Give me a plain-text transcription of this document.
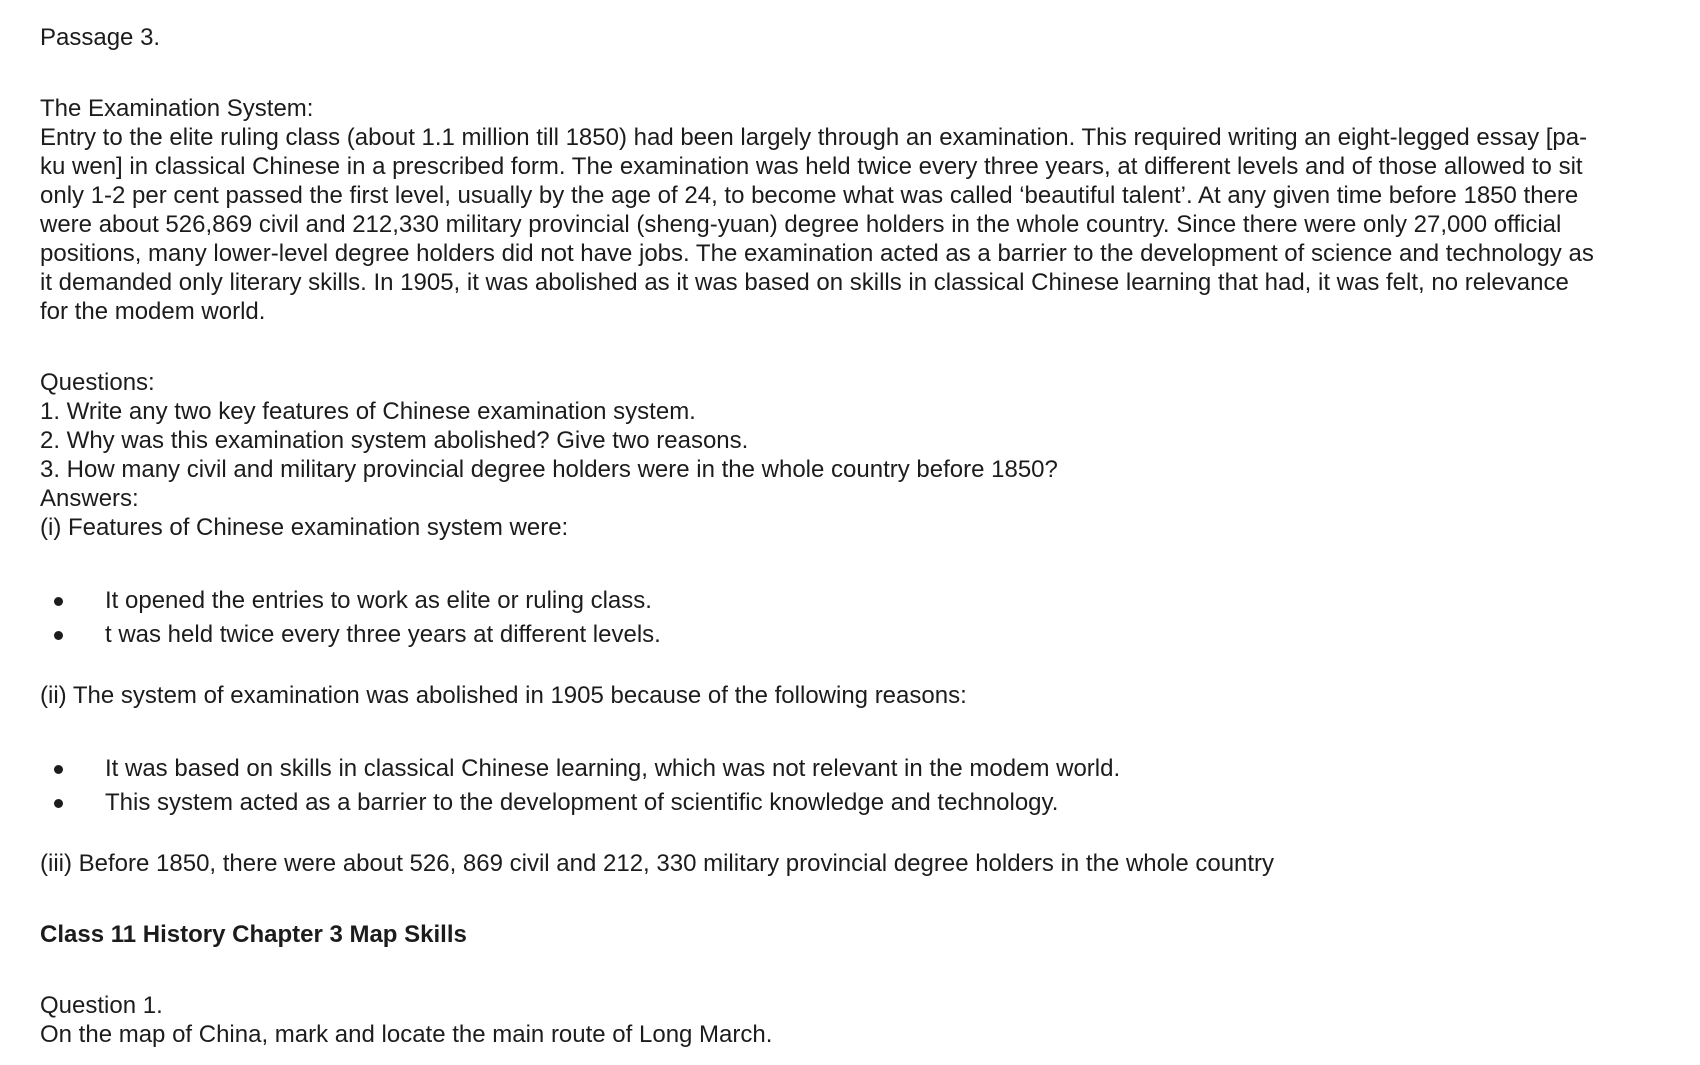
Passage 3.

The Examination System:

Entry to the elite ruling class (about 1.1 million till 1850) had been largely through an examination. This required writing an eight-legged essay [pa-
ku wen] in classical Chinese in a prescribed form. The examination was held twice every three years, at different levels and of those allowed to sit
only 1-2 per cent passed the first level, usually by the age of 24, to become what was called ‘beautiful talent’. At any given time before 1850 there
were about 526,869 civil and 212,330 military provincial (sheng-yuan) degree holders in the whole country. Since there were only 27,000 official
positions, many lower-level degree holders did not have jobs. The examination acted as a barrier to the development of science and technology as
it demanded only literary skills. In 1905, it was abolished as it was based on skills in classical Chinese learning that had, it was felt, no relevance
for the modem world.

Questions:

1. Write any two key features of Chinese examination system.

2. Why was this examination system abolished? Give two reasons.

3. How many civil and military provincial degree holders were in the whole country before 1850?

Answers:

(i) Features of Chinese examination system were:

It opened the entries to work as elite or ruling class.
t was held twice every three years at different levels.

(ii) The system of examination was abolished in 1905 because of the following reasons:

It was based on skills in classical Chinese learning, which was not relevant in the modem world.
This system acted as a barrier to the development of scientific knowledge and technology.

(iii) Before 1850, there were about 526, 869 civil and 212, 330 military provincial degree holders in the whole country

Class 11 History Chapter 3 Map Skills

Question 1.

On the map of China, mark and locate the main route of Long March.
